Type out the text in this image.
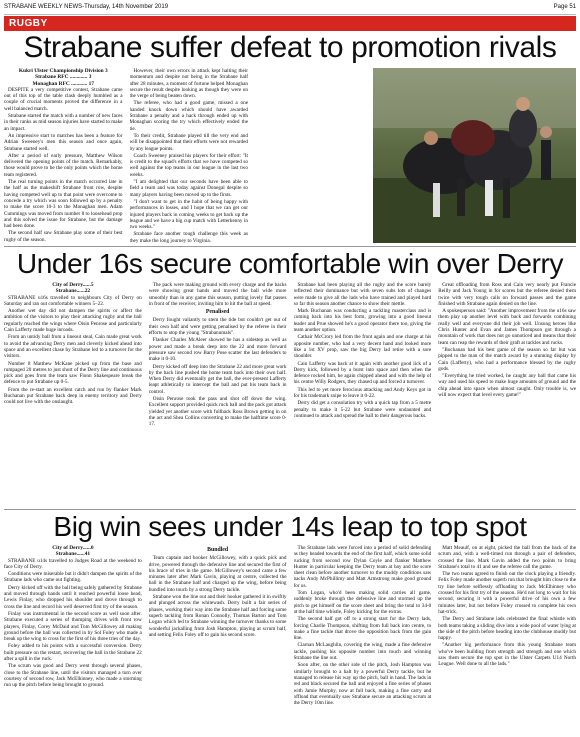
STRABANE WEEKLY NEWS-Thursday, 14th November 2019	Page 51
RUGBY
Strabane suffer defeat to promotion rivals

Kukri Ulster Championship Division 3

Strabane RFC ............. 3

Monaghan RFC ............ 17

DESPITE a very competitive contest, Strabane came out of this top of the table clash deeply humbled as a couple of crucial moments proved the difference in a well balanced match.

Strabane started the match with a number of new faces in their ranks as mid season injuries have started to make an impact.

An impressive start to matches has been a feature for Adrian Sweeney's men this season and once again, Strabane started well.

After a period of early pressure, Matthew Wilson delivered the opening points of the match. Remarkably, those would prove to be the only points which the home team registered.

The real turning points in the match occurred late in the half as the makeshift Strabane front row, despite having competed well up to that point were overcome to concede a try which was soon followed up by a penalty to make the score 10-3 to the Monaghan men. Adam Cummings was moved from number 8 to loosehead prop and this solved the issue for Strabane, but the damage had been done.

The second half saw Strabane play some of their best rugby of the season.

However, their own errors in attack kept halting their momentum and despite not being in the Strabane half after 28 minutes, a moment of fortune helped Monaghan secure the result despite looking as though they were on the verge of being beaten down.

The referee, who had a good game, missed a one handed knock down which should have awarded Strabane a penalty and a hack through ended up with Monaghan scoring the try which effectively ended the tie.

To their credit, Strabane played till the very end and will be disappointed that their efforts were not rewarded by any league points.

Coach Sweeney praised his players for their effort: "It is credit to the squad's efforts that we have competed so well against the top teams in our league in the last two weeks.

"I am delighted that our seconds have been able to field a team and was today against Donegal despite so many players having been moved up to the firsts.

"I don't want to get in the habit of being happy with performances in losses, and I hope that we can get our injured players back in coming weeks to get back up the league and we have a big cup match with Letterkenny in two weeks."

Strabane face another tough challenge this week as they make the long journey to Virginia.

Under 16s secure comfortable win over Derry

City of Derry......5

Strabane......22

STRABANE u16s travelled to neighbours City of Derry on Saturday and ran out comfortable winners 5–22.

Another wet day did not dampen the spirits or affect the ambition of the visitors to play their attacking rugby and the ball regularly reached the wings where Oisin Penrose and particularly Cain Lafferty made huge inroads.

From an untidy ball from a lineout steal, Cain made great work to avoid the advancing Derry men and cleverly kicked ahead into space and an excellent chase by Strabane led to a turnover for the visitors.

Number 8 Matthew McKane picked up from the base and rumpaged 20 metres to just short of the Derry line and continuous pick and goes from the team saw Fionn Shakespeare break the defence to put Strabane up 0-5.

From the re-start an excellent catch and run by flanker Mark Buchanan put Strabane back deep in enemy territory and Derry could not live with the onslaught.

The pack were making ground with every charge and the backs were showing great hands and moved the ball wide more smoothly than in any game this season, putting lovely flat passes in front of the receiver, inviting him to hit the ball at speed.

Penalised

Derry fought valiantly to stem the tide but couldn't get out of their own half and were getting penalised by the referee in their efforts to stop the young "Strabanumals".

Flanker Charles McAleer showed he has a sidestep as well as power and made a break deep into the 22 and more forward pressure saw second row Barry Pose scatter the last defenders to make it 0-10.

Derry kicked off deep into the Strabane 22 and more great work by the back line pushed the home team back into their own half. When Derry did eventually get the ball, the ever-present Lafferty leapt athletically to intercept the ball and put his team back in control.

Oisin Penrose took the pass and shot off down the wing. Excellent support provided quick ruck ball and the pack got attack yielded yet another score with fullback Ross Brown getting in on the act and Shea Collins converting to make the halftime score 0-17.

Strabane had been playing all the rugby and the score barely reflected their dominance but with seven subs lots of changes were made to give all the lads who have trained and played hard so far this season another chance to show their mettle.

Mark Buchanan was conducting a tackling masterclass and is coming back into his best form, growing into a good lineout leader and Prue showed he's a good operator there too, giving the team another option.

Cathair McCrory led from the front again and one charge at his opposite number, who had a very decent hand and looked more like a 1st XV prop, saw the big Derry lad retire with a sore shoulder.

Cain Lafferty was back at it again with another good lick of a Derry kick, followed by a burst into space and then when the defence rocked him, he again chipped ahead and with the help of his centre Willy Rodgers, they chased up and forced a turnover.

This led to yet more ferocious attacking and Andy Keys got in for his trademark snipe to leave it 0-22.

Derry did get a consolation try with a quick tap from a 5 metre penalty to make it 5-22 but Strabane were undaunted and continued to attack and spread the ball to their dangerous backs.

Great offloading from Ross and Cain very nearly put Francie Reilly and Jack Young in for scores but the referee denied them twice with very tough calls on forward passes and the game finished with Strabane again denied on the line.

A spokesperson said: "Another improvement from the u16s saw them play up another level with back and forwards combining really well and everyone did their job well. Unsung heroes like Chris Hunter and Evan and James Thompson got through a mountain of work that does not go unnoticed and means that their team can reap the rewards of their graft at tackles and rucks.

"Buchanan had his best game of the season so far but was pipped to the man of the match award by a stunning display by Cain (Lafferty), who had a performance blessed by the rugby gods.

"Everything he tried worked, he caught any ball that came his way and used his speed to make huge amounts of ground and the chip ahead into space when almost caught. Only trouble is, we will now expect that level every game!"

Big win sees under 14s leap to top spot

City of Derry......0

Strabane......41

STRABANE u14s travelled to Judges Road at the weekend to face City of Derry.

Conditions were miserable but it didn't dampen the spirits of the Strabane lads who came out fighting.

Derry kicked off with the ball being safely gathered by Strabane and moved through hands until it reached powerful loose head, Lewis Finlay, who dropped his shoulder and drove through to cross the line and record his well deserved first try of the season.

Finlay was instrumental in the second score as well soon after. Strabane executed a series of thumping drives with front row players, Finlay, Corey McDaid and Tom McGillowey all making ground before the ball was collected in by Sol Foley who made a break up the wing to cross for the first of his three tries of the day.

Foley added to his points with a successful conversion. Derry built pressure on the restart, recovering the ball in the Strabane 22 after a spill in the ruck.

The scrum was good and Derry went through several phases, close to the Strabane line, until the visitors managed a turn over courtesy of second row, Jack McElhinney, who made a storming run up the pitch before being brought to ground.

Bundled

Team captain and hooker McGillowey, with a quick pick and drive, powered through the defensive line and secured the first of his brace of tries in the game. McGillowey's second came a few minutes later after Mark Gavin, playing at centre, collected the ball in the Strabane half and charged up the wing, before being bundled into touch by a strong Derry tackle.

Strabane won the line out and their hooker gathered it in swiftly and plunged across the whitewash. Derry built a fair series of phases, working their way into the Strabane half and forcing some superb tackling from Ronan Connolly, Thomas Barton and Tom Logan which led to Strabane winning the turnover thanks to some wonderful jackalling from Josh Hampton, playing at scrum half, and setting Felix Foley off to gain his second score.

The Strabane lads were forced into a period of solid defending as they headed towards the end of the first half, which some solid rucking from second row Dylan Coyle and flanker Matthew Hunter in particular keeping the Derry team at bay and the score sheet clean before another turnover to the muddy conditions saw backs Andy McPhillimy and Matt Armstrong make good ground for us.

Tom Logan, who'd been making solid carries all game, suddenly broke through the defensive line and stormed up the pitch to get himself on the score sheet and bring the total to 34-0 at the half time whistle, Foley kicking for the extras.

The second half got off to a strong start for the Derry lads, forcing Charlie Thompson, shifting from full back into centre, to make a fine tackle that drove the opposition back from the gain line.

Ciarnan McLaughlin, covering the wing, made a fine defensive tackle, pushing his opposite number into touch and winning Strabane the line out.

Soon after, on the other side of the pitch, Josh Hampton was similarly brought to a halt by a powerful Derry tackle, but he managed to release his way up the pitch, ball in hand. The lads in red and black secured the ball and enjoyed a fine series of phases with Jamie Murphy, now at full back, making a fine carry and offload that eventually saw Strabane secure an attacking scrum at the Derry 10m line.

Matt Meaulf, on at eight, picked the ball from the back of the scrum and, with a well-timed run through a pair of defenders, crossed the line. Mark Gavin added the two points to bring Strabane's total to 41 and see the referee call the game.

The two teams agreed to finish out the clock playing a friendly. Felix Foley made another superb run that brought him close to the try line before selflessly offloading to Jack McElhinney who crossed for his first try of the season. He'd not long to wait for his second, securing it with a powerful drive of his own a few minutes later, but not before Foley crossed to complete his own hat-trick.

The Derry and Strabane lads celebrated the final whistle with both teams taking a sliding dive into a wide pool of water lying at the side of the pitch before heading into the clubhouse muddy but happy.

"Another big performance from this young Strabane team who've been building from strength and strength and one which saw them secure the top spot in the Ulster Carpets U14 North League. Well done to all the lads."
